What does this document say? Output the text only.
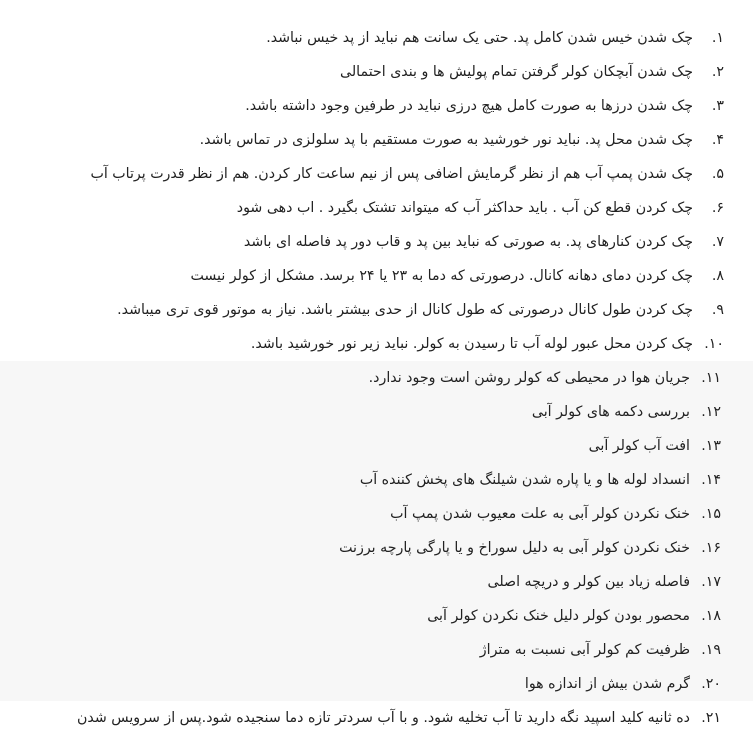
۱.
چک شدن خیس شدن کامل پد. حتی یک سانت هم نباید از پد خیس نباشد.
۲.
چک شدن آبچکان کولر گرفتن تمام پولیش ها و بندی احتمالی
۳.
چک شدن درزها به صورت کامل هیچ درزی نباید در طرفین وجود داشته باشد.
۴.
چک شدن محل پد. نباید نور خورشید به صورت مستقیم با پد سلولزی در تماس باشد.
۵.
چک شدن پمپ آب هم از نظر گرمایش اضافی پس از نیم ساعت کار کردن. هم از نظر قدرت پرتاب آب
۶.
چک کردن قطع کن آب . باید حداکثر آب که میتواند تشتک بگیرد . اب دهی شود
۷.
چک کردن کنارهای پد. به صورتی که نباید بین پد و قاب دور پد فاصله ای باشد
۸.
چک کردن دمای دهانه کانال. درصورتی که دما به ۲۳ یا ۲۴ برسد. مشکل از کولر نیست
۹.
چک کردن طول کانال درصورتی که طول کانال از حدی بیشتر باشد. نیاز به موتور قوی تری میباشد.
۱۰.
چک کردن محل عبور لوله آب تا رسیدن به کولر. نباید زیر نور خورشید باشد.
۱۱.
جریان هوا در محیطی که کولر روشن است وجود ندارد.
۱۲.
بررسی دکمه های کولر آبی
۱۳.
افت آب کولر آبی
۱۴.
انسداد لوله ها و یا پاره شدن شیلنگ های پخش کننده آب
۱۵.
خنک نکردن کولر آبی به علت معیوب شدن پمپ آب
۱۶.
خنک نکردن کولر آبی به دلیل سوراخ و یا پارگی پارچه برزنت
۱۷.
فاصله زیاد بین کولر و دریچه اصلی
۱۸.
محصور بودن کولر دلیل خنک نکردن کولر آبی
۱۹.
ظرفیت کم کولر آبی نسبت به متراژ
۲۰.
گرم شدن بیش از اندازه هوا
۲۱.
ده ثانیه کلید اسپید نگه دارید تا آب تخلیه شود. و با آب سردتر تازه دما سنجیده شود.پس از سرویس شدن
